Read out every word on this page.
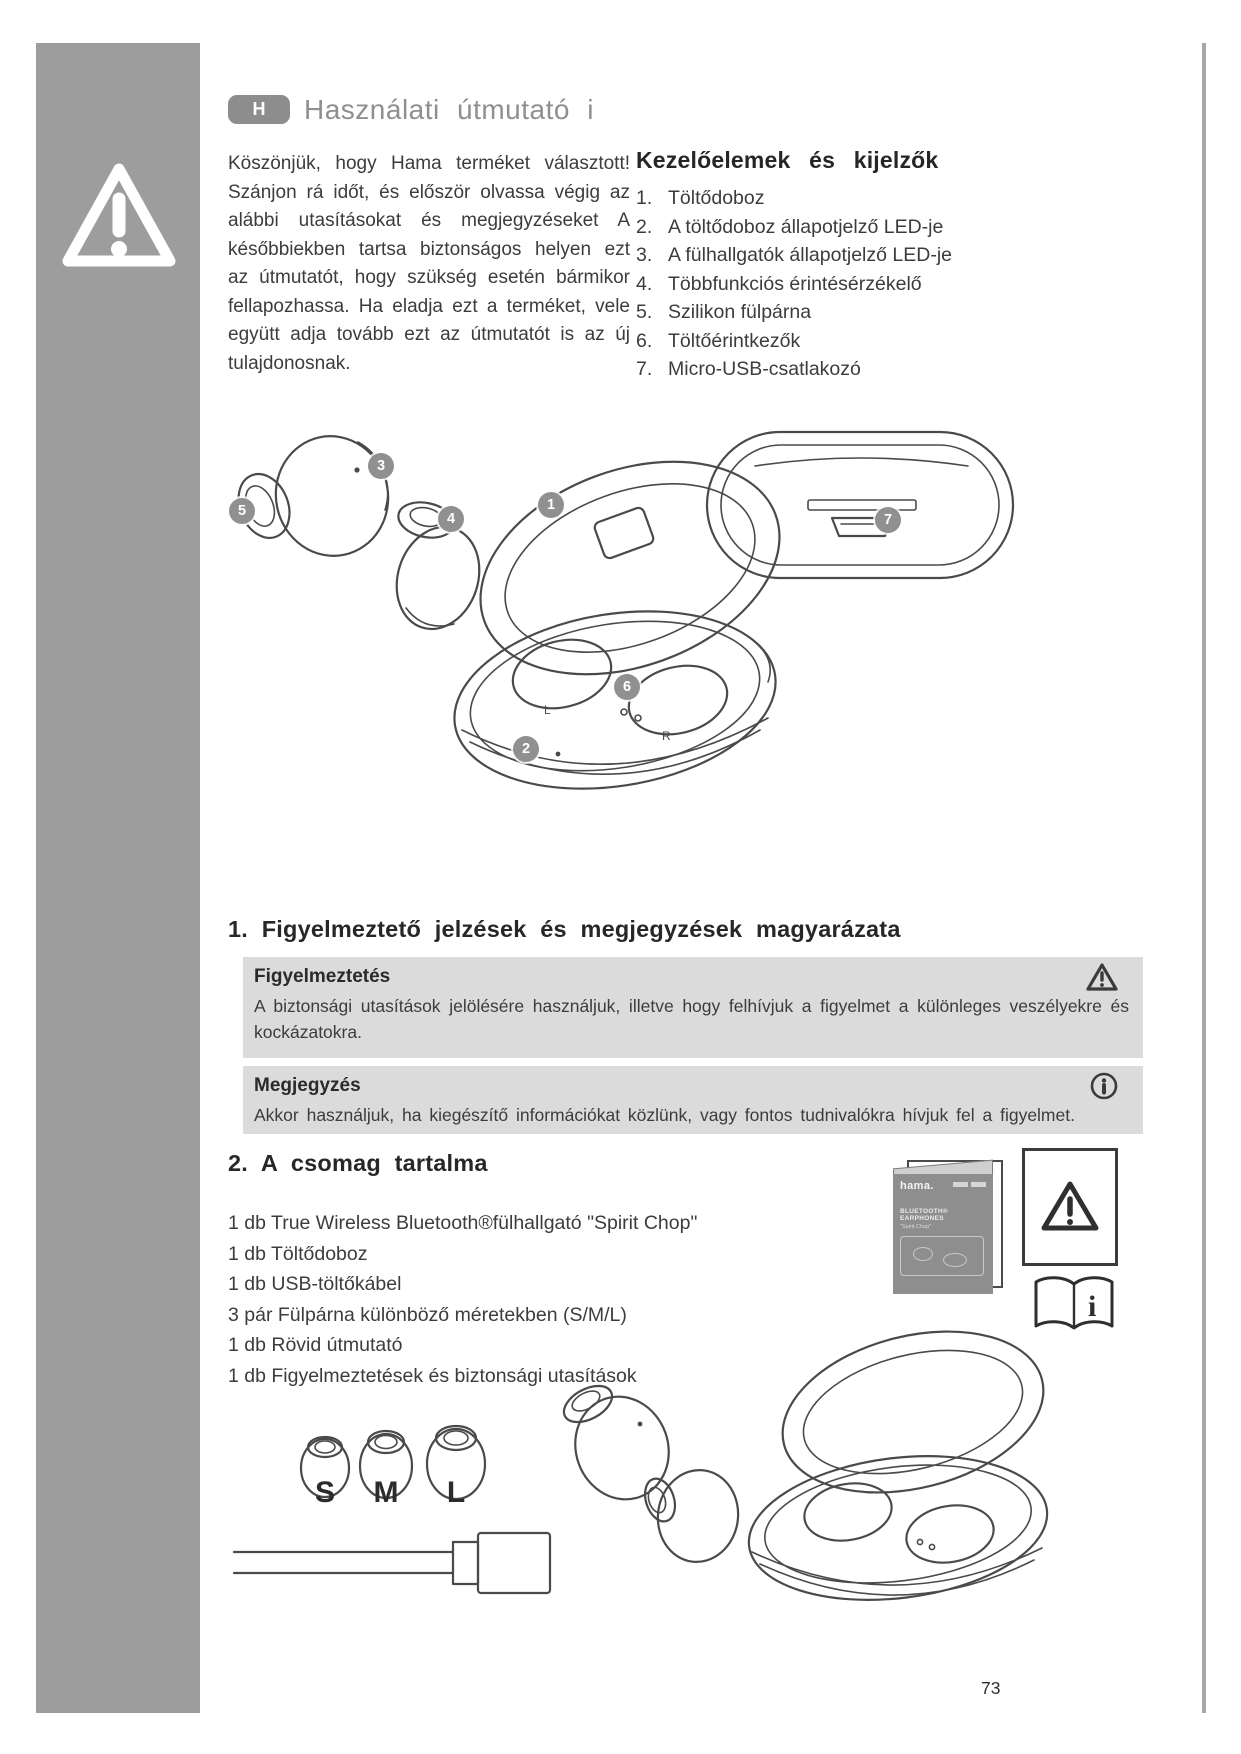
H	Használati útmutató i

Köszönjük, hogy Hama terméket választott! Szánjon rá időt, és először olvassa végig az alábbi utasításokat és megjegyzéseket A későbbiekben tartsa biztonságos helyen ezt az útmutatót, hogy szükség esetén bármikor fellapozhassa. Ha eladja ezt a terméket, vele együtt adja tovább ezt az útmutatót is az új tulajdonosnak.

Kezelőelemek és kijelzők
1. Töltődoboz
2. A töltődoboz állapotjelző LED-je
3. A fülhallgatók állapotjelző LED-je
4. Többfunkciós érintésérzékelő
5. Szilikon fülpárna
6. Töltőérintkezők
7. Micro-USB-csatlakozó
L
R
1
2
3
4
5
6
7
1. Figyelmeztető jelzések és megjegyzések magyarázata
Figyelmeztetés
A biztonsági utasítások jelölésére használjuk, illetve hogy felhívjuk a figyelmet a különleges veszélyekre és kockázatokra.
Megjegyzés
Akkor használjuk, ha kiegészítő információkat közlünk, vagy fontos tudnivalókra hívjuk fel a figyelmet.
2. A csomag tartalma
1 db True Wireless Bluetooth®fülhallgató "Spirit Chop"
1 db Töltődoboz
1 db USB-töltőkábel
3 pár Fülpárna különböző méretekben (S/M/L)
1 db Rövid útmutató
1 db Figyelmeztetések és biztonsági utasítások
hama.
BLUETOOTH® EARPHONES
"Spirit Chop"
i
S M L
73
